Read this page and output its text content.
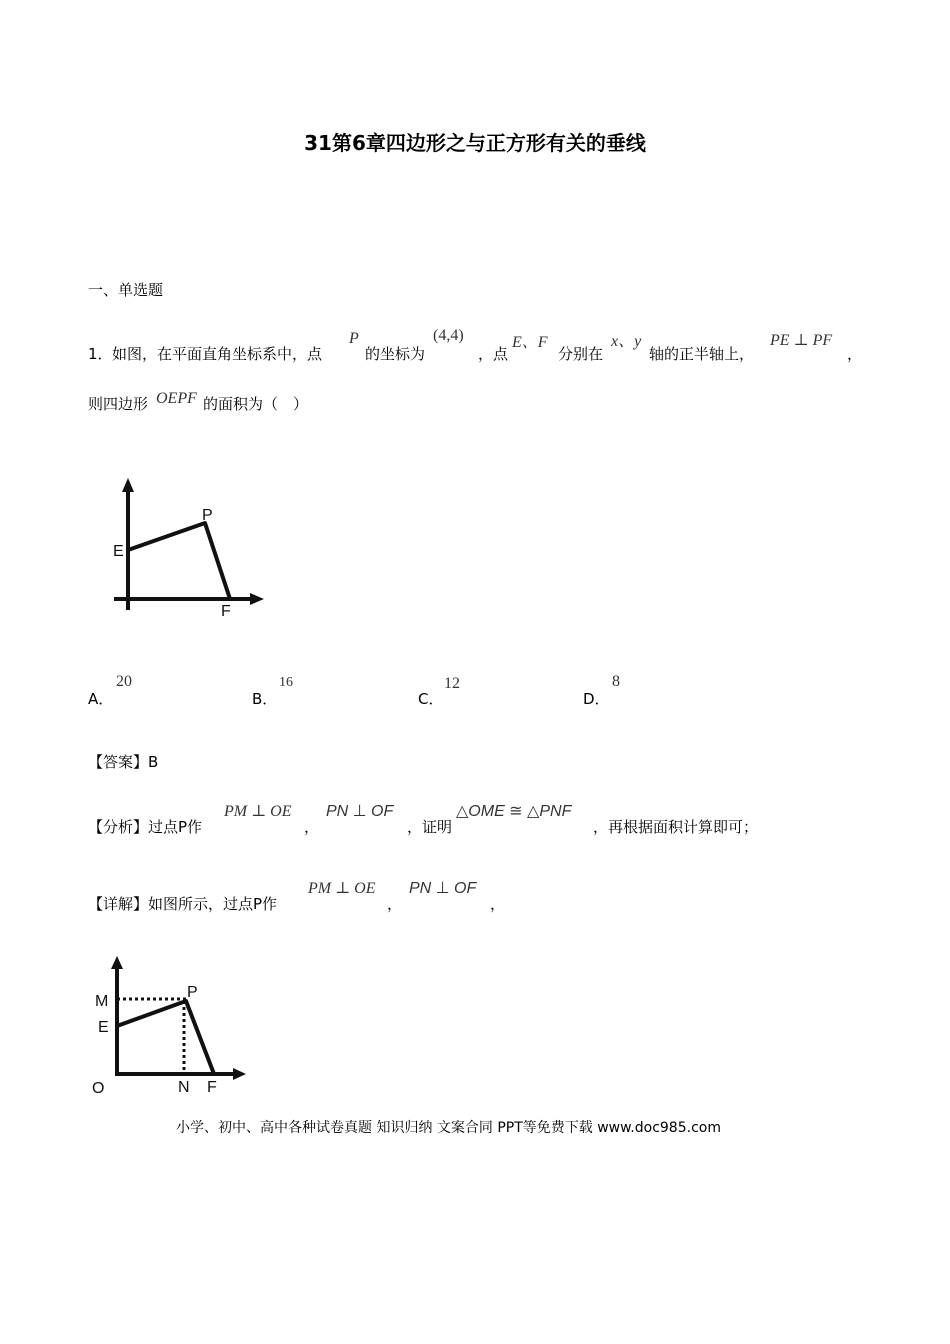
31第6章四边形之与正方形有关的垂线
一、单选题
1． 如图，在平面直角坐标系中，点
P
的坐标为
(4,4)
，点
E、F
分别在
x、y
轴的正半轴上，
PE ⊥ PF
，
则四边形 OEPF 的面积为（　）
P
E
F
A．
20
B．
16
C．
12
D．
8
【答案】B
【分析】过点P作
PM ⊥ OE
，
PN ⊥ OF
，证明
△OME ≅ △PNF
，再根据面积计算即可；
【详解】如图所示，过点P作
PM ⊥ OE
，
PN ⊥ OF
，
M
P
E
O	N F
小学、初中、高中各种试卷真题 知识归纳 文案合同 PPT等免费下载 www.doc985.com
